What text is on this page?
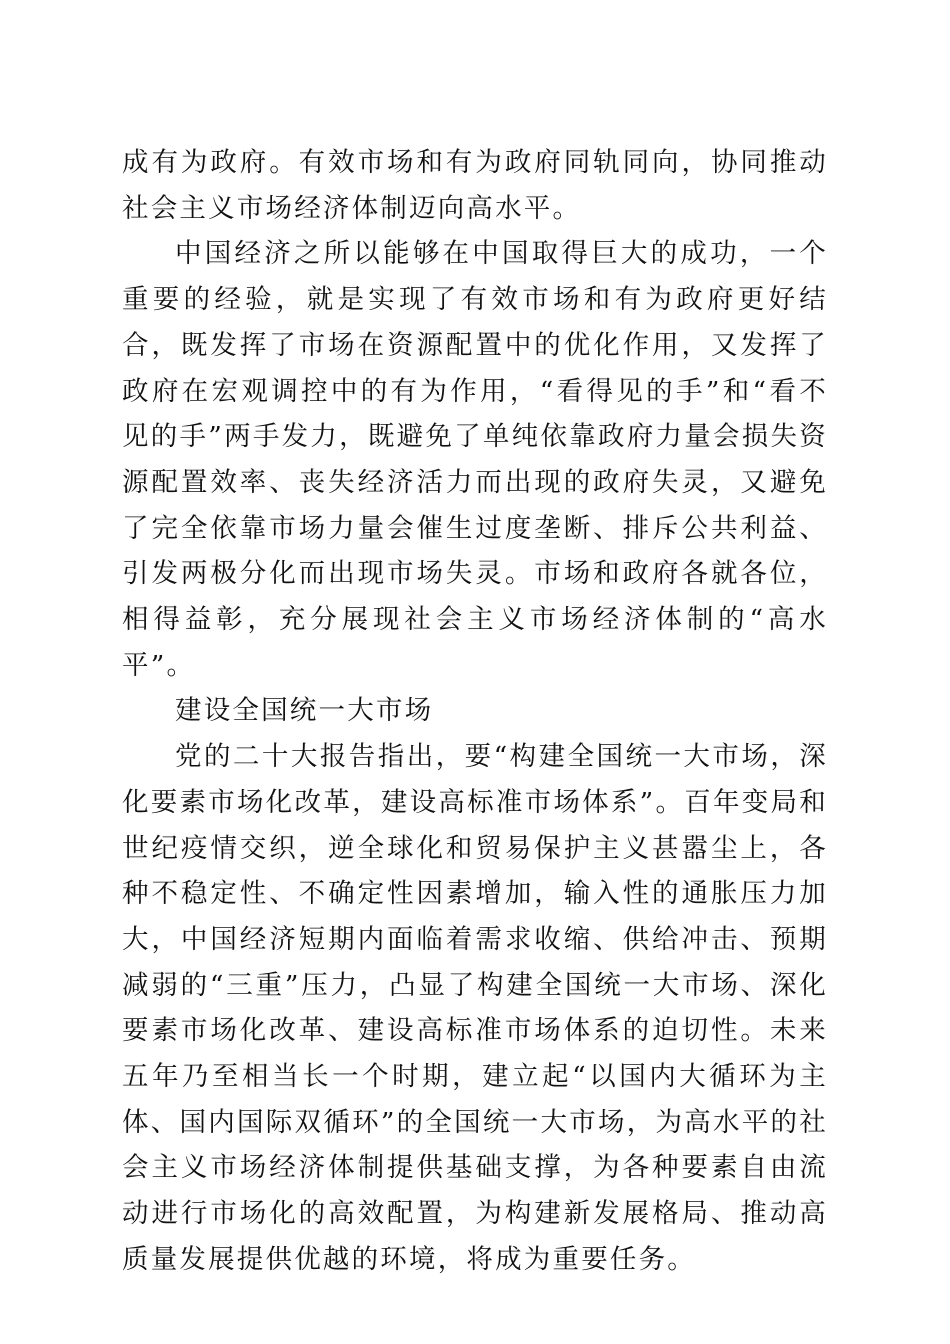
成有为政府。有效市场和有为政府同轨同向，协同推动社会主义市场经济体制迈向高水平。

中国经济之所以能够在中国取得巨大的成功，一个重要的经验，就是实现了有效市场和有为政府更好结合，既发挥了市场在资源配置中的优化作用，又发挥了政府在宏观调控中的有为作用，“看得见的手”和“看不见的手”两手发力，既避免了单纯依靠政府力量会损失资源配置效率、丧失经济活力而出现的政府失灵，又避免了完全依靠市场力量会催生过度垄断、排斥公共利益、引发两极分化而出现市场失灵。市场和政府各就各位，相得益彰，充分展现社会主义市场经济体制的“高水平”。

建设全国统一大市场

党的二十大报告指出，要“构建全国统一大市场，深化要素市场化改革，建设高标准市场体系”。百年变局和世纪疫情交织，逆全球化和贸易保护主义甚嚣尘上，各种不稳定性、不确定性因素增加，输入性的通胀压力加大，中国经济短期内面临着需求收缩、供给冲击、预期减弱的“三重”压力，凸显了构建全国统一大市场、深化要素市场化改革、建设高标准市场体系的迫切性。未来五年乃至相当长一个时期，建立起“以国内大循环为主体、国内国际双循环”的全国统一大市场，为高水平的社会主义市场经济体制提供基础支撑，为各种要素自由流动进行市场化的高效配置，为构建新发展格局、推动高质量发展提供优越的环境，将成为重要任务。
